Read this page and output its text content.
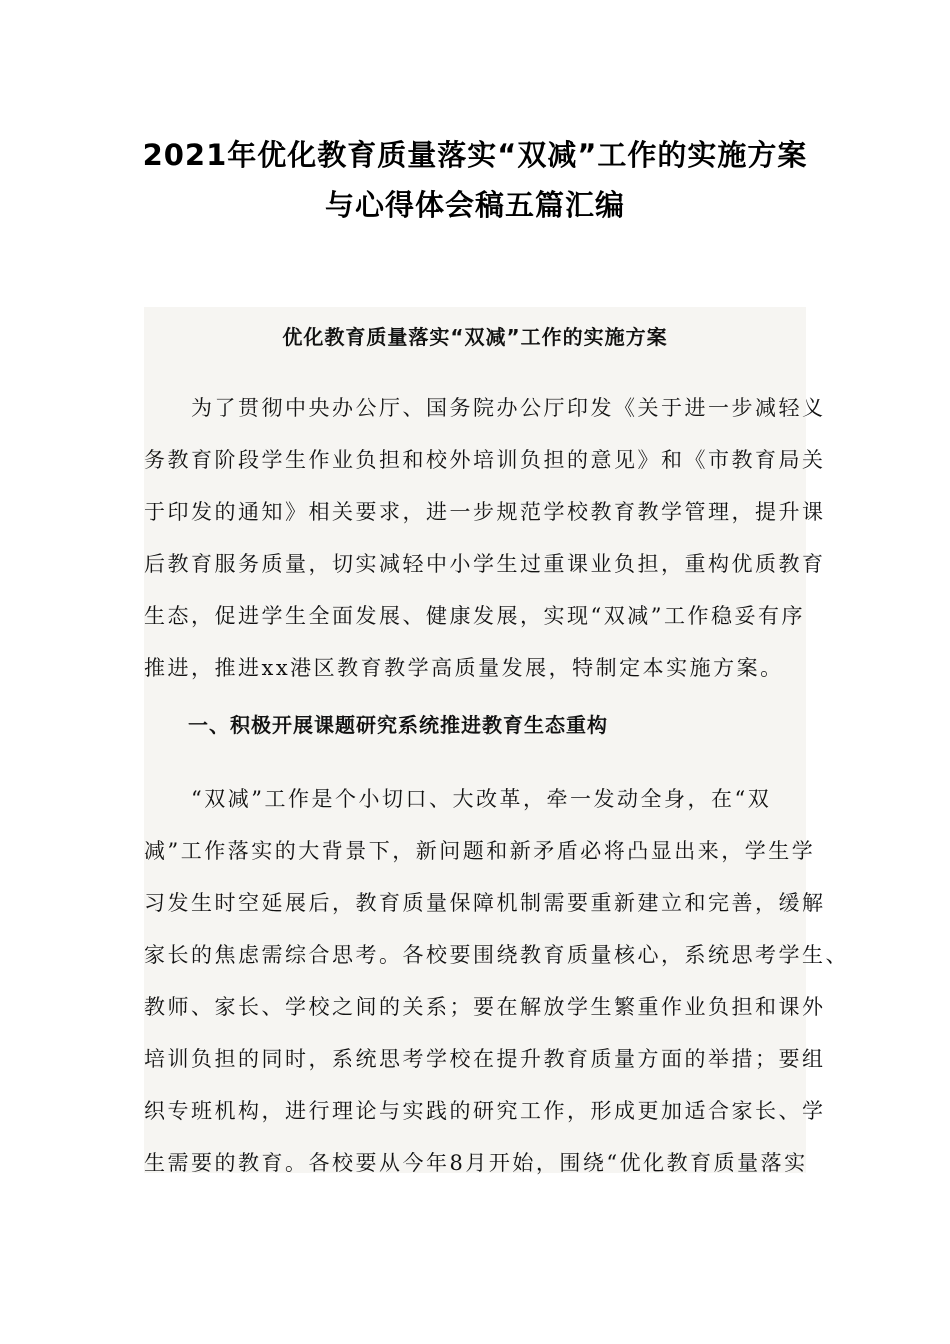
2021年优化教育质量落实“双减”工作的实施方案
与心得体会稿五篇汇编
优化教育质量落实“双减”工作的实施方案
　　为了贯彻中央办公厅、国务院办公厅印发《关于进一步减轻义
务教育阶段学生作业负担和校外培训负担的意见》和《市教育局关
于印发的通知》相关要求，进一步规范学校教育教学管理，提升课
后教育服务质量，切实减轻中小学生过重课业负担，重构优质教育
生态，促进学生全面发展、健康发展，实现“双减”工作稳妥有序
推进，推进xx港区教育教学高质量发展，特制定本实施方案。
一、积极开展课题研究系统推进教育生态重构
　　“双减”工作是个小切口、大改革，牵一发动全身，在“双
减”工作落实的大背景下，新问题和新矛盾必将凸显出来，学生学
习发生时空延展后，教育质量保障机制需要重新建立和完善，缓解
家长的焦虑需综合思考。各校要围绕教育质量核心，系统思考学生、
教师、家长、学校之间的关系；要在解放学生繁重作业负担和课外
培训负担的同时，系统思考学校在提升教育质量方面的举措；要组
织专班机构，进行理论与实践的研究工作，形成更加适合家长、学
生需要的教育。各校要从今年8月开始，围绕“优化教育质量落实
